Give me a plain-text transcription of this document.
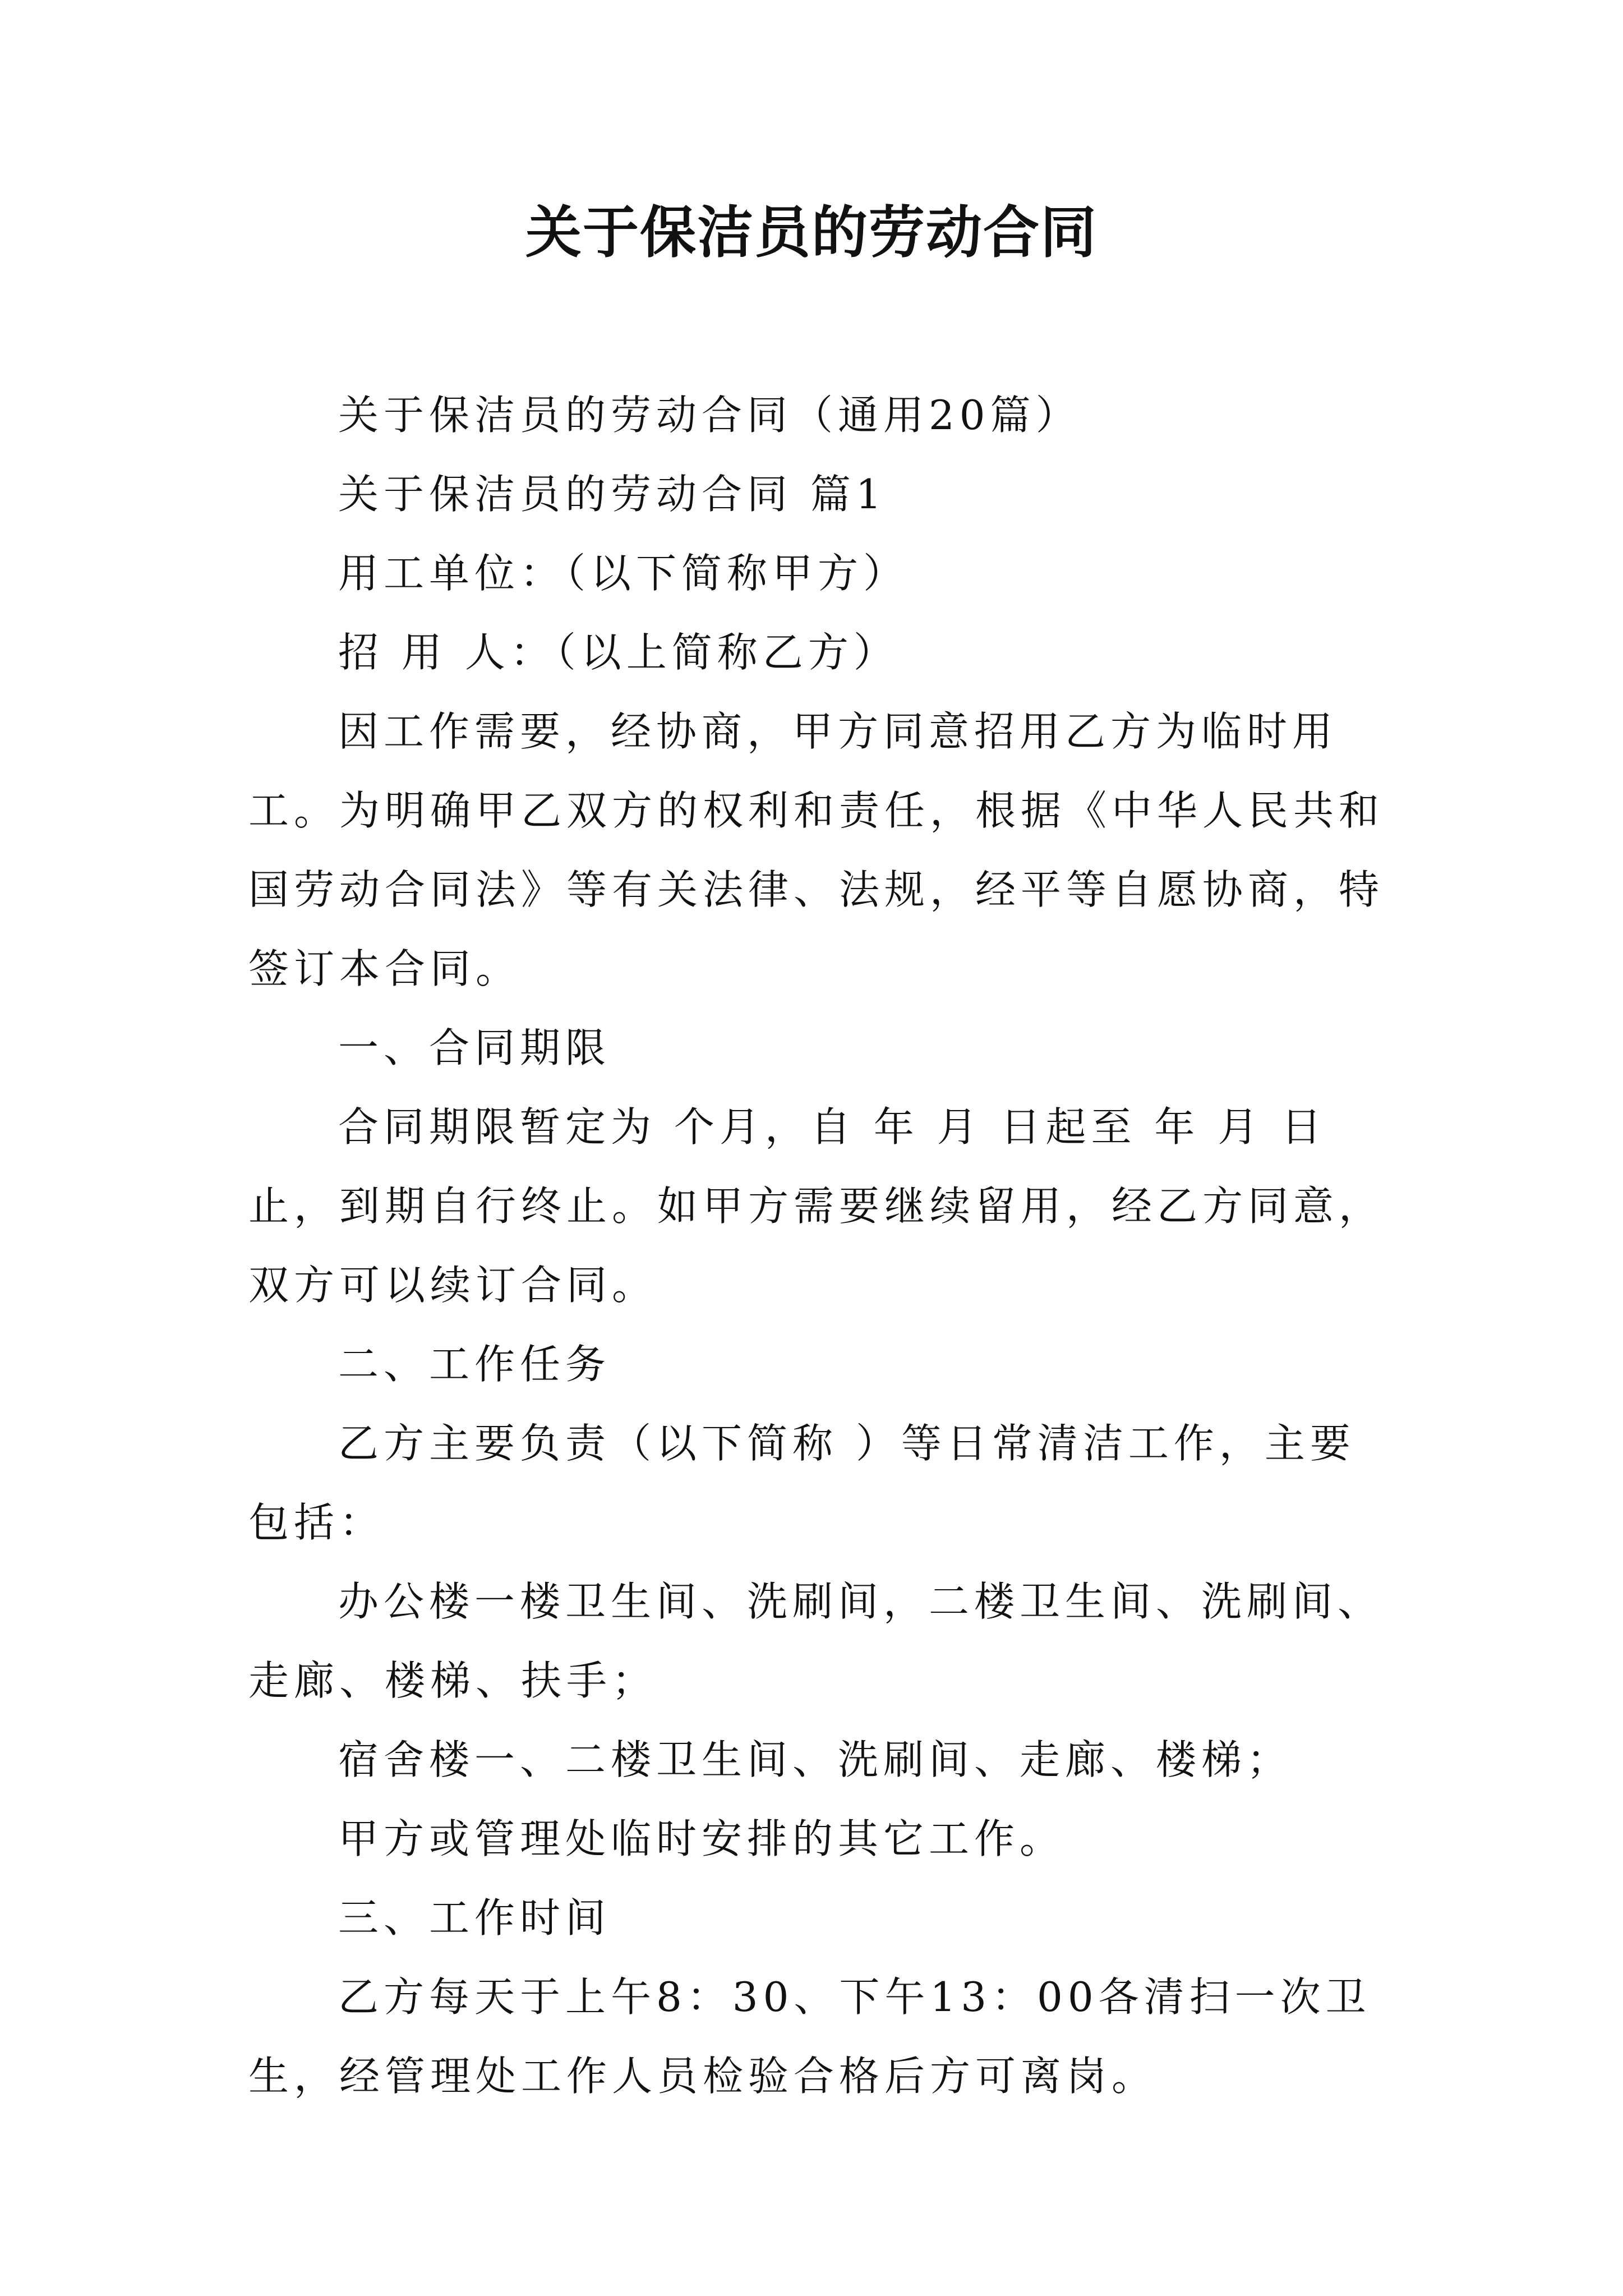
关于保洁员的劳动合同

关于保洁员的劳动合同（通用20篇）

关于保洁员的劳动合同 篇1

用工单位：（以下简称甲方）

招 用 人：（以上简称乙方）

因工作需要，经协商，甲方同意招用乙方为临时用工。为明确甲乙双方的权利和责任，根据《中华人民共和国劳动合同法》等有关法律、法规，经平等自愿协商，特签订本合同。

一、合同期限

合同期限暂定为 个月，自 年 月 日起至 年 月 日止，到期自行终止。如甲方需要继续留用，经乙方同意，双方可以续订合同。

二、工作任务

乙方主要负责（以下简称 ）等日常清洁工作，主要包括：

办公楼一楼卫生间、洗刷间，二楼卫生间、洗刷间、走廊、楼梯、扶手；

宿舍楼一、二楼卫生间、洗刷间、走廊、楼梯；

甲方或管理处临时安排的其它工作。

三、工作时间

乙方每天于上午8：30、下午13：00各清扫一次卫生，经管理处工作人员检验合格后方可离岗。
